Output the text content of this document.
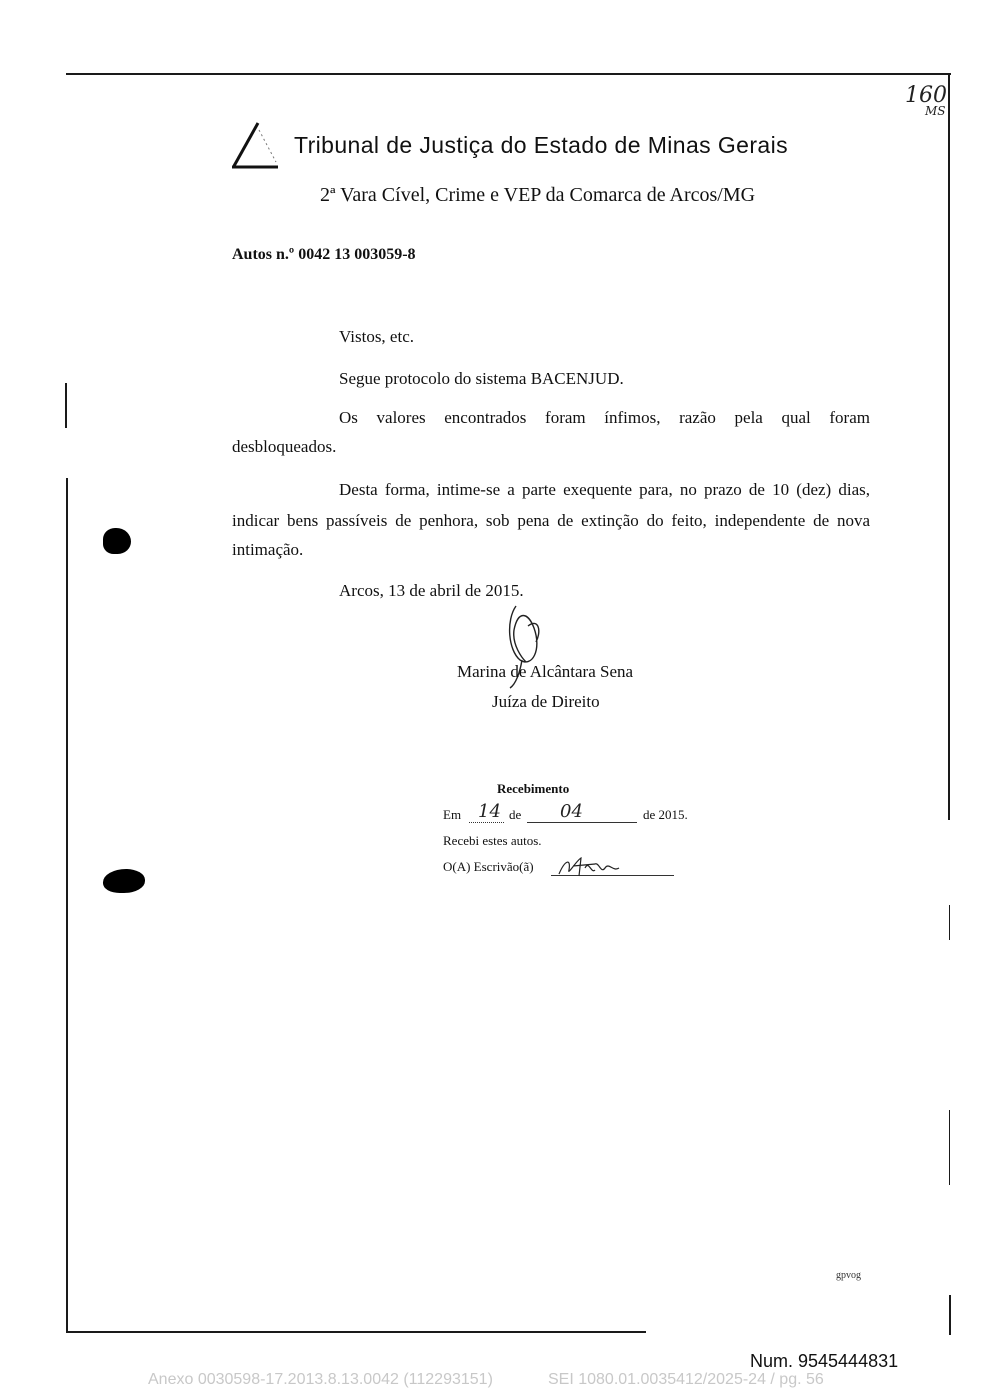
160
MS
Tribunal de Justiça do Estado de Minas Gerais
2ª Vara Cível, Crime e VEP da Comarca de Arcos/MG
Autos n.º 0042 13 003059-8
Vistos, etc.
Segue protocolo do sistema BACENJUD.
Os valores encontrados foram ínfimos, razão pela qual foram
desbloqueados.
Desta forma, intime-se a parte exequente para, no prazo de 10 (dez) dias,
indicar bens passíveis de penhora, sob pena de extinção do feito, independente de nova
intimação.
Arcos, 13 de abril de 2015.
Marina de Alcântara Sena
Juíza de Direito
Recebimento
Em 14 de 04	de 2015.
Recebi estes autos.
O(A) Escrivão(ã)
gpvog
Num. 9545444831
Anexo 0030598-17.2013.8.13.0042 (112293151)	SEI 1080.01.0035412/2025-24 / pg. 56
